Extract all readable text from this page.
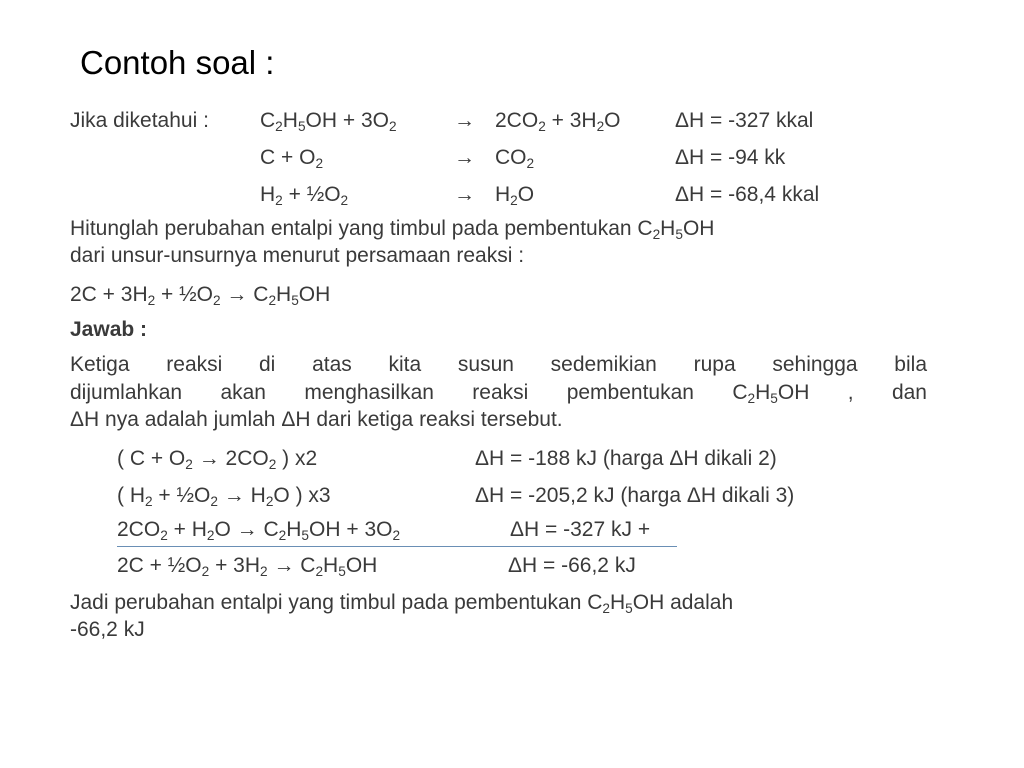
Contoh soal :
Jika diketahui : $C_2H_5OH + 3O_2$	→ $2CO_2 + 3H_2O$	ΔH = -327 kkal
$C + O_2$	→ $CO_2$	ΔH = -94 kk
$H_2$ + $\frac{1}{2}O_2$	→ $H_2O$	ΔH = -68,4 kkal
Hitunglah perubahan entalpi yang timbul pada pembentukan $C_2H_5OH$
dari unsur-unsurnya menurut persamaan reaksi :
$2C + 3H_2$ + $\frac{1}{2}O_2 \to C_2H_5OH$
Jawab :
Ketiga reaksi di atas kita susun sedemikian rupa sehingga bila
dijumlahkan akan menghasilkan reaksi pembentukan $C_2H_5OH$ , dan
ΔH nya adalah jumlah ΔH dari ketiga reaksi tersebut.
( $C + O_2 \to 2CO_2$ ) x2	ΔH = -188 kJ (harga ΔH dikali 2)
( $H_2$ + $\frac{1}{2}O_2 \to H_2O$ ) x3	ΔH = -205,2 kJ (harga ΔH dikali 3)
$2CO_2 + H_2O \to C_2H_5OH + 3O_2$	ΔH = -327 kJ +
$2C + \frac{1}{2}O_2 + 3H_2 \to C_2H_5OH$	ΔH = -66,2 kJ
Jadi perubahan entalpi yang timbul pada pembentukan $C_2H_5OH$ adalah
-66,2 kJ
